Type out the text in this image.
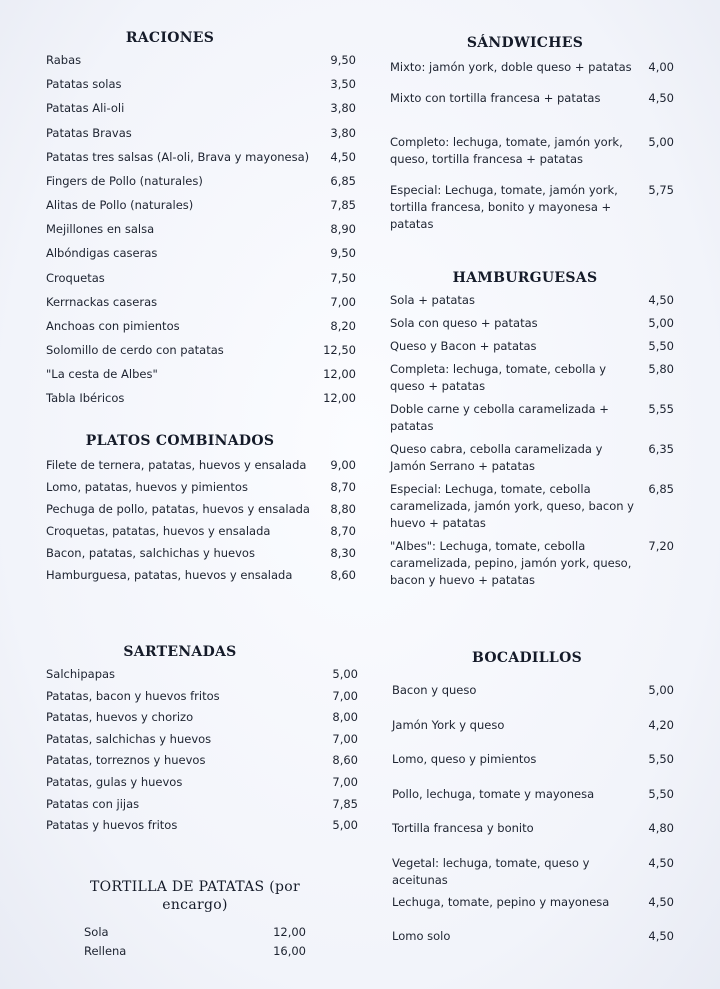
RACIONES
Rabas	9,50
Patatas solas	3,50
Patatas Ali-oli	3,80
Patatas Bravas	3,80
Patatas tres salsas (Al-oli, Brava y mayonesa)	4,50
Fingers de Pollo (naturales)	6,85
Alitas de Pollo (naturales)	7,85
Mejillones en salsa	8,90
Albóndigas caseras	9,50
Croquetas	7,50
Kerrnackas caseras	7,00
Anchoas con pimientos	8,20
Solomillo de cerdo con patatas	12,50
"La cesta de Albes"	12,00
Tabla Ibéricos	12,00
PLATOS COMBINADOS
Filete de ternera, patatas, huevos y ensalada	9,00
Lomo, patatas, huevos y pimientos	8,70
Pechuga de pollo, patatas, huevos y ensalada	8,80
Croquetas, patatas, huevos y ensalada	8,70
Bacon, patatas, salchichas y huevos	8,30
Hamburguesa, patatas, huevos y ensalada	8,60
SARTENADAS
Salchipapas	5,00
Patatas, bacon y huevos fritos	7,00
Patatas, huevos y chorizo	8,00
Patatas, salchichas y huevos	7,00
Patatas, torreznos y huevos	8,60
Patatas, gulas y huevos	7,00
Patatas con jijas	7,85
Patatas y huevos fritos	5,00
TORTILLA DE PATATAS (por encargo)
Sola	12,00
Rellena	16,00
SÁNDWICHES
Mixto: jamón york, doble queso + patatas	4,00
Mixto con tortilla francesa + patatas	4,50
Completo: lechuga, tomate, jamón york, queso, tortilla francesa + patatas
5,00
Especial: Lechuga, tomate, jamón york, tortilla francesa, bonito y mayonesa + patatas
5,75
HAMBURGUESAS
Sola + patatas	4,50
Sola con queso + patatas	5,00
Queso y Bacon + patatas	5,50
Completa: lechuga, tomate, cebolla y queso + patatas
5,80
Doble carne y cebolla caramelizada + patatas
5,55
Queso cabra, cebolla caramelizada y Jamón Serrano + patatas
6,35
Especial: Lechuga, tomate, cebolla caramelizada, jamón york, queso, bacon y huevo + patatas
6,85
"Albes": Lechuga, tomate, cebolla caramelizada, pepino, jamón york, queso, bacon y huevo + patatas
7,20
BOCADILLOS
Bacon y queso	5,00
Jamón York y queso	4,20
Lomo, queso y pimientos	5,50
Pollo, lechuga, tomate y mayonesa	5,50
Tortilla francesa y bonito	4,80
Vegetal: lechuga, tomate, queso y aceitunas
4,50
Lechuga, tomate, pepino y mayonesa	4,50
Lomo solo	4,50
